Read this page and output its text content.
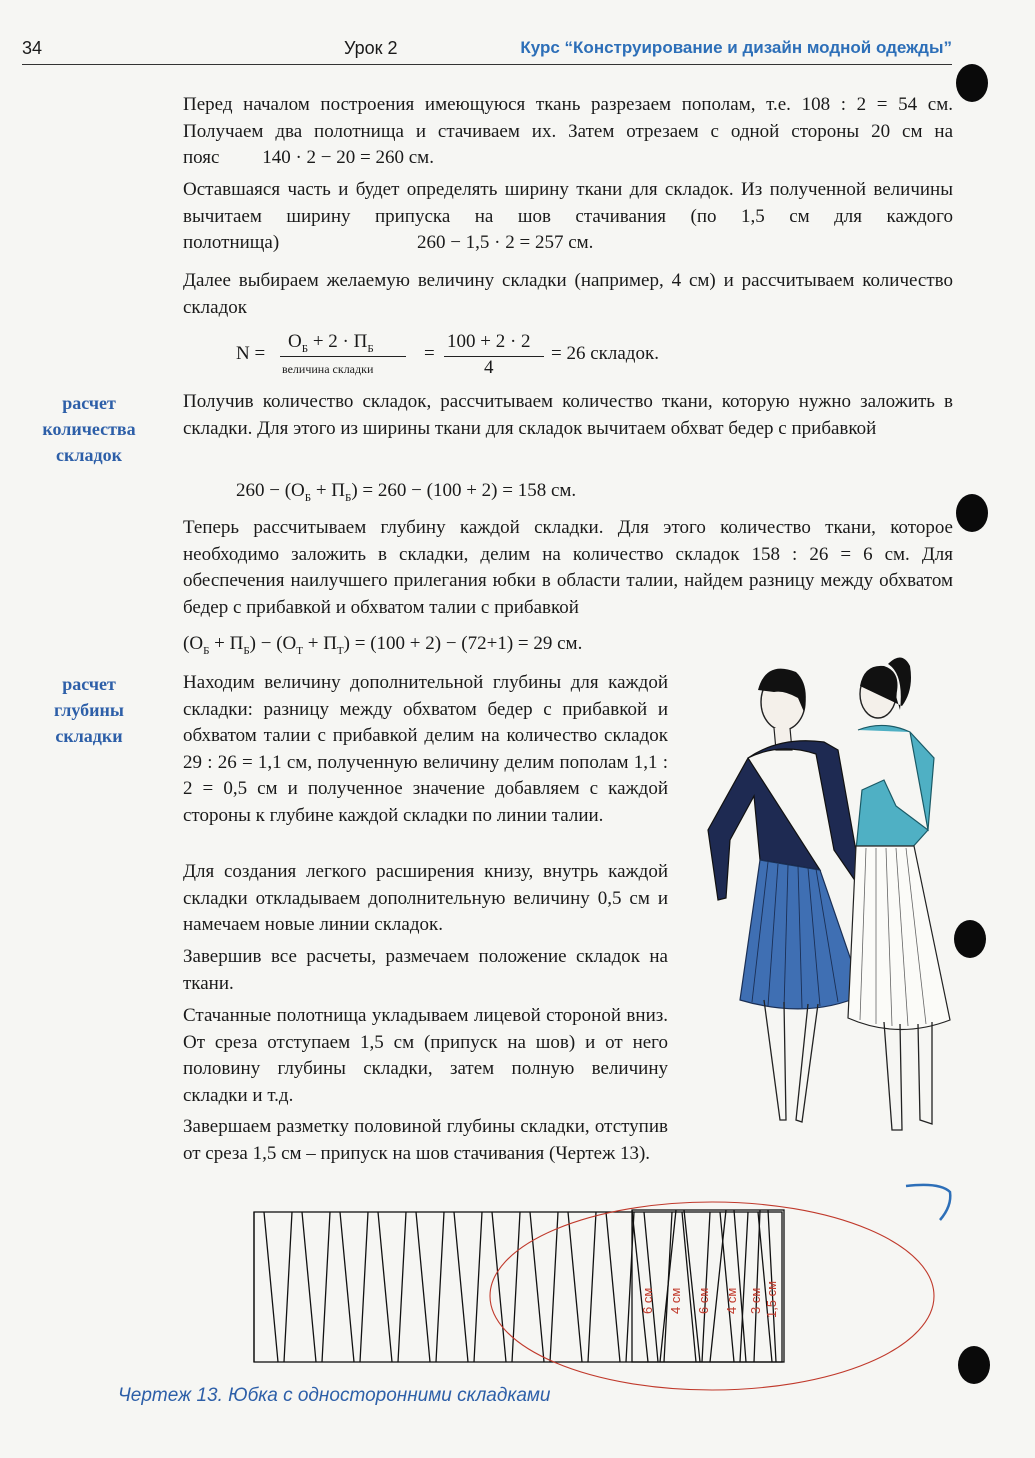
34	Урок 2	Курс “Конструирование и дизайн модной одежды”

Перед началом построения имеющуюся ткань разрезаем пополам, т.е. 108 : 2 = 54 см. Получаем два полотнища и стачиваем их. Затем отрезаем с одной стороны 20 см на пояс 140 · 2 − 20 = 260 см.

Оставшаяся часть и будет определять ширину ткани для складок. Из полученной величины вычитаем ширину припуска на шов стачивания (по 1,5 см для каждого полотнища)	260 − 1,5 · 2 = 257 см.

Далее выбираем желаемую величину складки (например, 4 см) и рассчитываем количество складок

N =
$О_Б + 2 \cdot П_Б$
величина складки
=
100 + 2 · 2
4
= 26 складок.
расчет
количества
складок

Получив количество складок, рассчитываем количество ткани, которую нужно заложить в складки. Для этого из ширины ткани для складок вычитаем обхват бедер с прибавкой

$260 - (О_Б + П_Б) = 260 - (100 + 2) = 158$ см.

Теперь рассчитываем глубину каждой складки. Для этого количество ткани, которое необходимо заложить в складки, делим на количество складок 158 : 26 = 6 см. Для обеспечения наилучшего прилегания юбки в области талии, найдем разницу между обхватом бедер с прибавкой и обхватом талии с прибавкой

$(О_Б + П_Б) - (О_Т + П_Т) = (100 + 2) - (72+1) = 29$ см.
расчет
глубины
складки

Находим величину дополнительной глубины для каждой складки: разницу между обхватом бедер с прибавкой и обхватом талии с прибавкой делим на количество складок 29 : 26 = 1,1 см, полученную величину делим пополам 1,1 : 2 = 0,5 см и полученное значение добавляем с каждой стороны к глубине каждой складки по линии талии.

Для создания легкого расширения книзу, внутрь каждой складки откладываем дополнительную величину 0,5 см и намечаем новые линии складок.

Завершив все расчеты, размечаем положение складок на ткани.

Стачанные полотнища укладываем лицевой стороной вниз. От среза отступаем 1,5 см (припуск на шов) и от него половину глубины складки, затем полную величину складки и т.д.

Завершаем разметку половиной глубины складки, отступив от среза 1,5 см – припуск на шов стачивания (Чертеж 13).

6 см 4 см 6 см 4 см 3 см 1,5 см
Чертеж 13. Юбка с односторонними складками
